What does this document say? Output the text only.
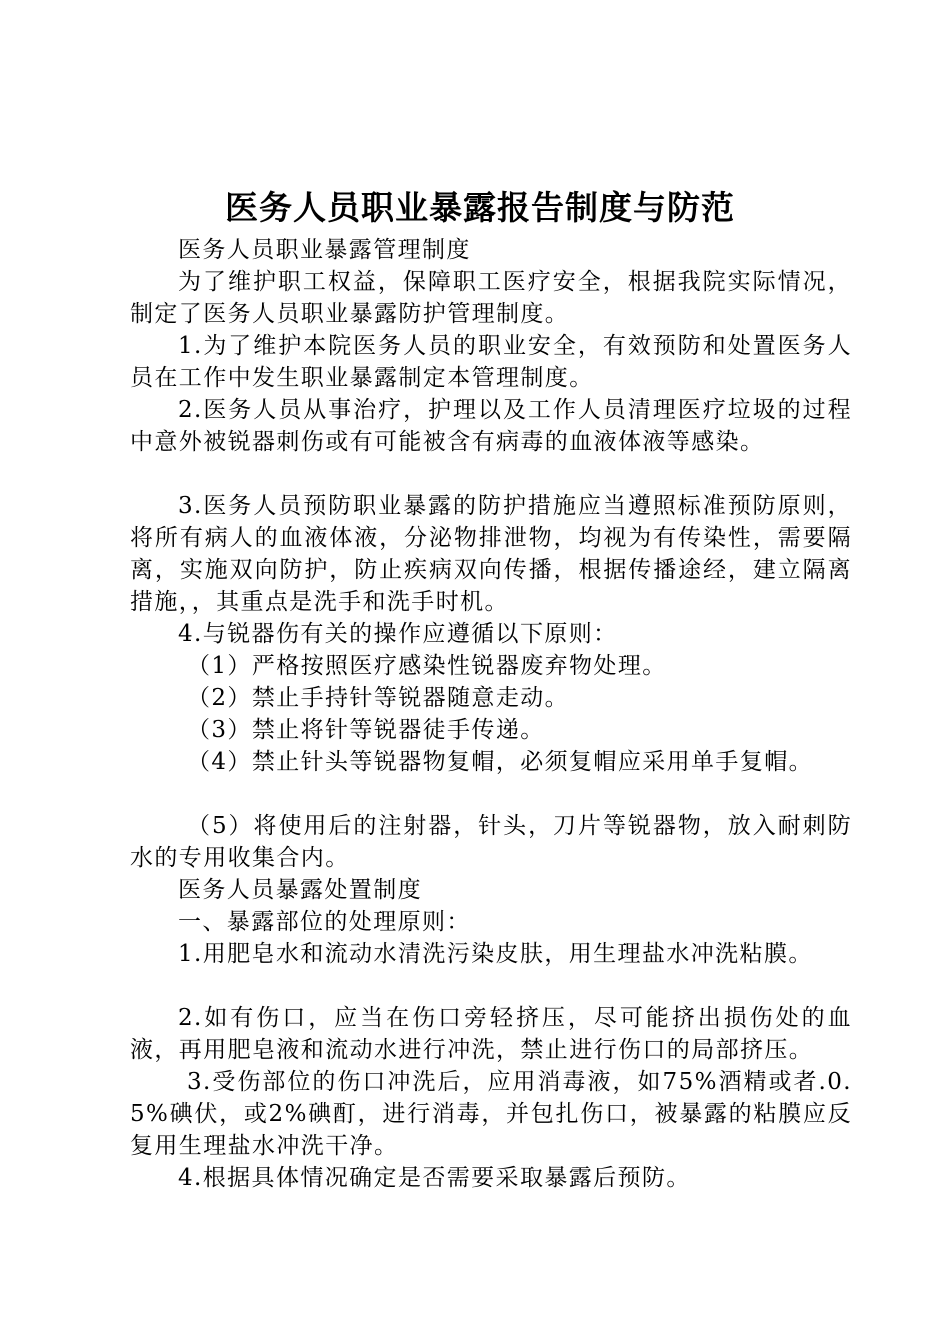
医务人员职业暴露报告制度与防范

医务人员职业暴露管理制度

为了维护职工权益，保障职工医疗安全，根据我院实际情况，制定了医务人员职业暴露防护管理制度。

1.为了维护本院医务人员的职业安全，有效预防和处置医务人员在工作中发生职业暴露制定本管理制度。

2.医务人员从事治疗，护理以及工作人员清理医疗垃圾的过程中意外被锐器刺伤或有可能被含有病毒的血液体液等感染。

3.医务人员预防职业暴露的防护措施应当遵照标准预防原则，将所有病人的血液体液，分泌物排泄物，均视为有传染性，需要隔离，实施双向防护，防止疾病双向传播，根据传播途经，建立隔离措施，，其重点是洗手和洗手时机。

4.与锐器伤有关的操作应遵循以下原则：

（1）严格按照医疗感染性锐器废弃物处理。

（2）禁止手持针等锐器随意走动。

（3）禁止将针等锐器徒手传递。

（4）禁止针头等锐器物复帽，必须复帽应采用单手复帽。

（5）将使用后的注射器，针头，刀片等锐器物，放入耐刺防水的专用收集合内。

医务人员暴露处置制度

一、暴露部位的处理原则：

1.用肥皂水和流动水清洗污染皮肤，用生理盐水冲洗粘膜。

2.如有伤口，应当在伤口旁轻挤压，尽可能挤出损伤处的血液，再用肥皂液和流动水进行冲洗，禁止进行伤口的局部挤压。

3.受伤部位的伤口冲洗后，应用消毒液，如75%酒精或者.0.5%碘伏，或2%碘酊，进行消毒，并包扎伤口，被暴露的粘膜应反复用生理盐水冲洗干净。

4.根据具体情况确定是否需要采取暴露后预防。
